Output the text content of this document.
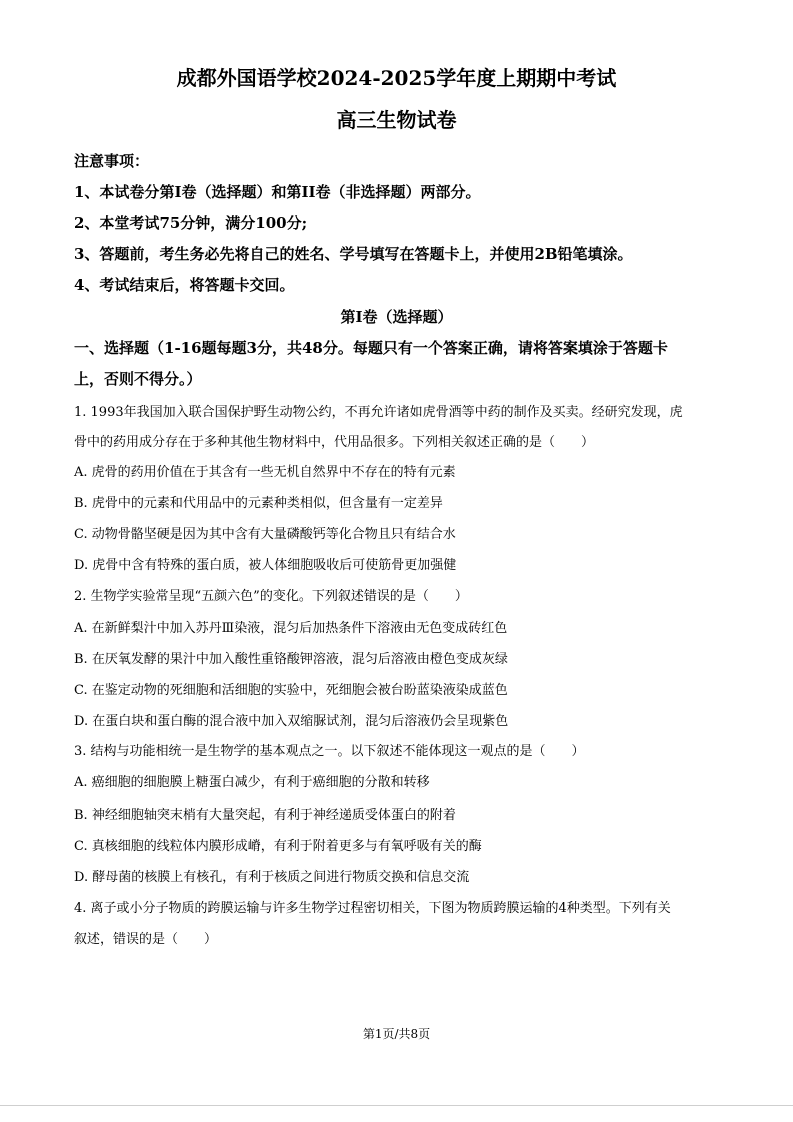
成都外国语学校2024-2025学年度上期期中考试
高三生物试卷
注意事项：
1、本试卷分第I卷（选择题）和第II卷（非选择题）两部分。
2、本堂考试75分钟，满分100分;
3、答题前，考生务必先将自己的姓名、学号填写在答题卡上，并使用2B铅笔填涂。
4、考试结束后，将答题卡交回。
第I卷（选择题）
一、选择题（1-16题每题3分，共48分。每题只有一个答案正确，请将答案填涂于答题卡
上，否则不得分。）
1. 1993年我国加入联合国保护野生动物公约，不再允许诸如虎骨酒等中药的制作及买卖。经研究发现，虎
骨中的药用成分存在于多种其他生物材料中，代用品很多。下列相关叙述正确的是（　　）
A. 虎骨的药用价值在于其含有一些无机自然界中不存在的特有元素
B. 虎骨中的元素和代用品中的元素种类相似，但含量有一定差异
C. 动物骨骼坚硬是因为其中含有大量磷酸钙等化合物且只有结合水
D. 虎骨中含有特殊的蛋白质，被人体细胞吸收后可使筋骨更加强健
2. 生物学实验常呈现“五颜六色”的变化。下列叙述错误的是（　　）
A. 在新鲜梨汁中加入苏丹Ⅲ染液，混匀后加热条件下溶液由无色变成砖红色
B. 在厌氧发酵的果汁中加入酸性重铬酸钾溶液，混匀后溶液由橙色变成灰绿
C. 在鉴定动物的死细胞和活细胞的实验中，死细胞会被台盼蓝染液染成蓝色
D. 在蛋白块和蛋白酶的混合液中加入双缩脲试剂，混匀后溶液仍会呈现紫色
3. 结构与功能相统一是生物学的基本观点之一。以下叙述不能体现这一观点的是（　　）
A. 癌细胞的细胞膜上糖蛋白减少，有利于癌细胞的分散和转移
B. 神经细胞轴突末梢有大量突起，有利于神经递质受体蛋白的附着
C. 真核细胞的线粒体内膜形成嵴，有利于附着更多与有氧呼吸有关的酶
D. 酵母菌的核膜上有核孔，有利于核质之间进行物质交换和信息交流
4. 离子或小分子物质的跨膜运输与许多生物学过程密切相关，下图为物质跨膜运输的4种类型。下列有关
叙述，错误的是（　　）
第1页/共8页
